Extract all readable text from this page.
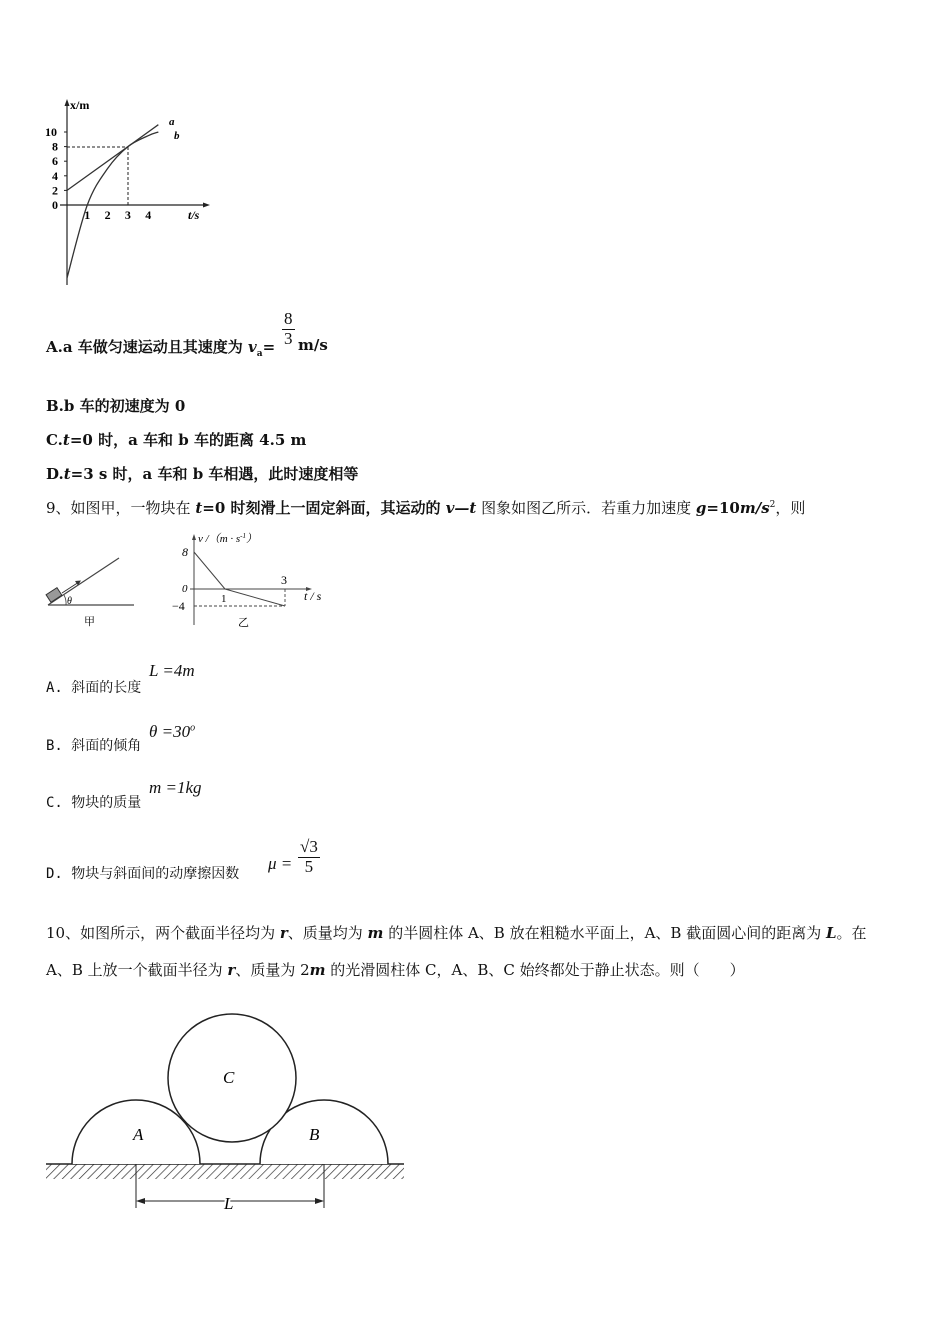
10
8
6
4
2
0
1 2 3 4
a
b
x/m
t/s
A.a 车做匀速运动且其速度为 $v_a= \frac{8}{3} m/s$
B.b 车的初速度为 0
C.t=0 时，a 车和 b 车的距离 4.5 m
D.t=3 s 时，a 车和 b 车相遇，此时速度相等
9、如图甲，一物块在 t=0 时刻滑上一固定斜面，其运动的 v—t 图象如图乙所示．若重力加速度 $g=10m/s^2$，则
θ
甲
v $/(m \cdot s^{-1})$
8
0
−4	1
3
t / s
乙
A. 斜面的长度
L =4m
B. 斜面的倾角
$\theta =30^o$
C. 物块的质量
m =1kg
D. 物块与斜面间的动摩擦因数
$\mu = \frac{√3}{5}$
10、如图所示，两个截面半径均为 r、质量均为 m 的半圆柱体 A、B 放在粗糙水平面上，A、B 截面圆心间的距离为 L。在
A、B 上放一个截面半径为 r、质量为 2m 的光滑圆柱体 C，A、B、C 始终都处于静止状态。则（　　）
A	B
C
L
